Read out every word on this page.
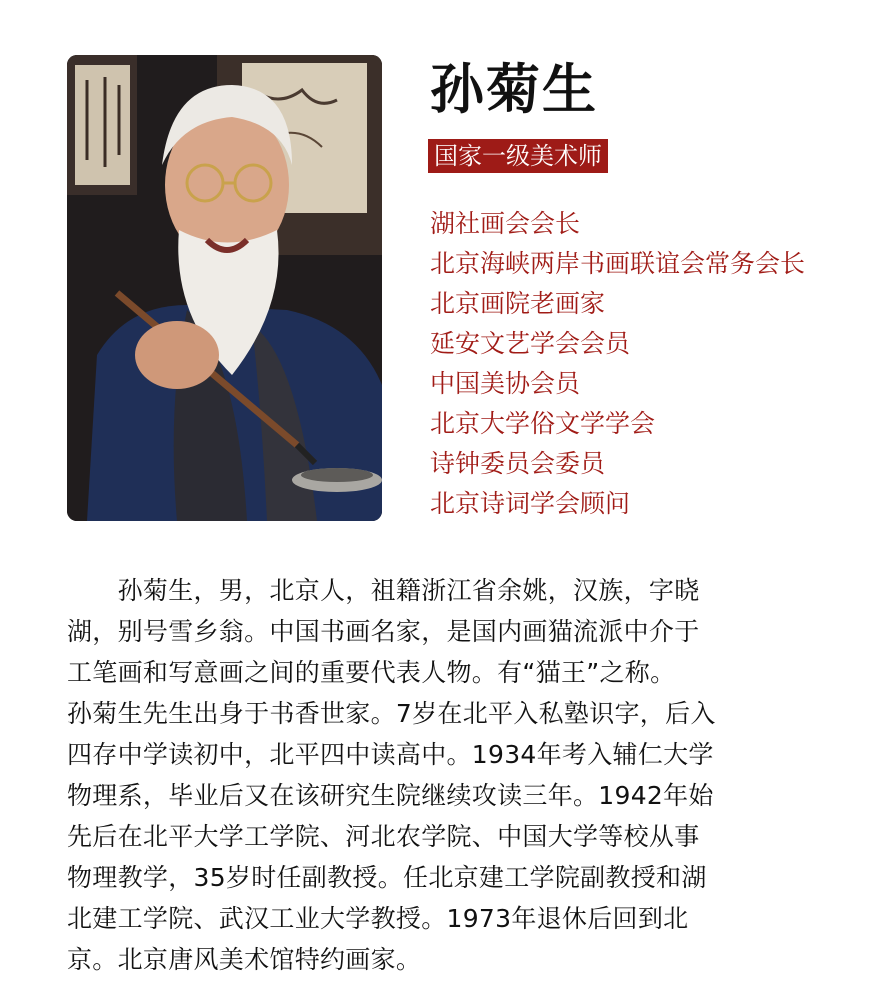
孙菊生
国家一级美术师
湖社画会会长
北京海峡两岸书画联谊会常务会长
北京画院老画家
延安文艺学会会员
中国美协会员
北京大学俗文学学会
诗钟委员会委员
北京诗词学会顾问
　　孙菊生，男，北京人，祖籍浙江省余姚，汉族，字晓
湖，别号雪乡翁。中国书画名家，是国内画猫流派中介于
工笔画和写意画之间的重要代表人物。有“猫王”之称。
孙菊生先生出身于书香世家。7岁在北平入私塾识字，后入
四存中学读初中，北平四中读高中。1934年考入辅仁大学
物理系，毕业后又在该研究生院继续攻读三年。1942年始
先后在北平大学工学院、河北农学院、中国大学等校从事
物理教学，35岁时任副教授。任北京建工学院副教授和湖
北建工学院、武汉工业大学教授。1973年退休后回到北
京。北京唐风美术馆特约画家。
